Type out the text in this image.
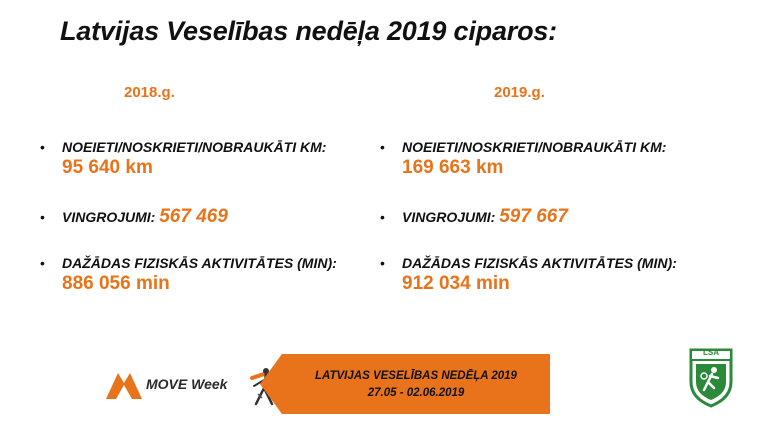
Latvijas Veselības nedēļa 2019 ciparos:
2018.g.	2019.g.
• NOEIETI/NOSKRIETI/NOBRAUKĀTI KM:
95 640 km
• VINGROJUMI: 567 469
• DAŽĀDAS FIZISKĀS AKTIVITĀTES (MIN):
886 056 min
• NOEIETI/NOSKRIETI/NOBRAUKĀTI KM:
169 663 km
• VINGROJUMI: 597 667
• DAŽĀDAS FIZISKĀS AKTIVITĀTES (MIN):
912 034 min
MOVE Week	LATVIJAS VESELĪBAS NEDĒĻA 2019
27.05 - 02.06.2019
LSA
